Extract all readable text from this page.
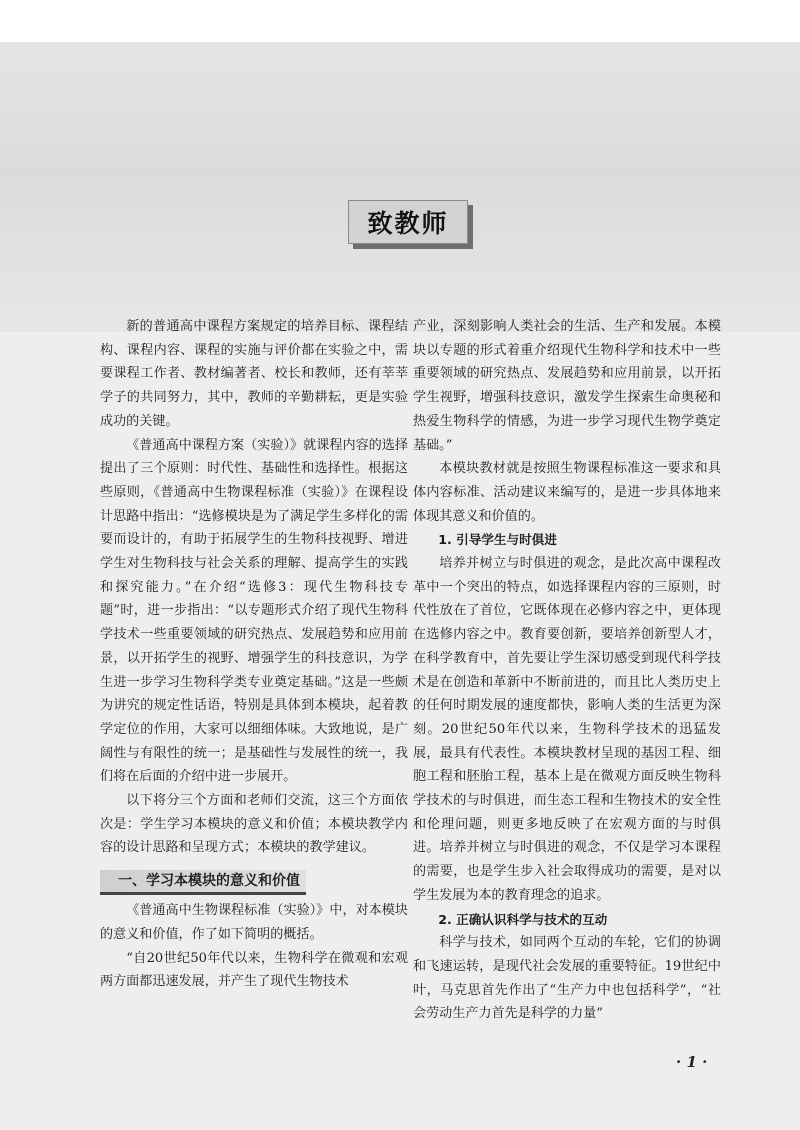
致教师

新的普通高中课程方案规定的培养目标、课程结构、课程内容、课程的实施与评价都在实验之中，需要课程工作者、教材编著者、校长和教师，还有莘莘学子的共同努力，其中，教师的辛勤耕耘，更是实验成功的关键。

《普通高中课程方案（实验）》就课程内容的选择提出了三个原则：时代性、基础性和选择性。根据这些原则，《普通高中生物课程标准（实验）》在课程设计思路中指出：“选修模块是为了满足学生多样化的需要而设计的，有助于拓展学生的生物科技视野、增进学生对生物科技与社会关系的理解、提高学生的实践和探究能力。”在介绍“选修3：现代生物科技专题”时，进一步指出：“以专题形式介绍了现代生物科学技术一些重要领域的研究热点、发展趋势和应用前景，以开拓学生的视野、增强学生的科技意识，为学生进一步学习生物科学类专业奠定基础。”这是一些颇为讲究的规定性话语，特别是具体到本模块，起着教学定位的作用，大家可以细细体味。大致地说，是广阔性与有限性的统一；是基础性与发展性的统一，我们将在后面的介绍中进一步展开。

以下将分三个方面和老师们交流，这三个方面依次是：学生学习本模块的意义和价值；本模块教学内容的设计思路和呈现方式；本模块的教学建议。

一、学习本模块的意义和价值

《普通高中生物课程标准（实验）》中，对本模块的意义和价值，作了如下简明的概括。

“自20世纪50年代以来，生物科学在微观和宏观两方面都迅速发展，并产生了现代生物技术

产业，深刻影响人类社会的生活、生产和发展。本模块以专题的形式着重介绍现代生物科学和技术中一些重要领域的研究热点、发展趋势和应用前景，以开拓学生视野，增强科技意识，激发学生探索生命奥秘和热爱生物科学的情感，为进一步学习现代生物学奠定基础。”

本模块教材就是按照生物课程标准这一要求和具体内容标准、活动建议来编写的，是进一步具体地来体现其意义和价值的。

1. 引导学生与时俱进

培养并树立与时俱进的观念，是此次高中课程改革中一个突出的特点，如选择课程内容的三原则，时代性放在了首位，它既体现在必修内容之中，更体现在选修内容之中。教育要创新，要培养创新型人才，在科学教育中，首先要让学生深切感受到现代科学技术是在创造和革新中不断前进的，而且比人类历史上的任何时期发展的速度都快，影响人类的生活更为深刻。20世纪50年代以来，生物科学技术的迅猛发展，最具有代表性。本模块教材呈现的基因工程、细胞工程和胚胎工程，基本上是在微观方面反映生物科学技术的与时俱进，而生态工程和生物技术的安全性和伦理问题，则更多地反映了在宏观方面的与时俱进。培养并树立与时俱进的观念，不仅是学习本课程的需要，也是学生步入社会取得成功的需要，是对以学生发展为本的教育理念的追求。

2. 正确认识科学与技术的互动

科学与技术，如同两个互动的车轮，它们的协调和飞速运转，是现代社会发展的重要特征。19世纪中叶，马克思首先作出了“生产力中也包括科学”，“社会劳动生产力首先是科学的力量”

· 1 ·
